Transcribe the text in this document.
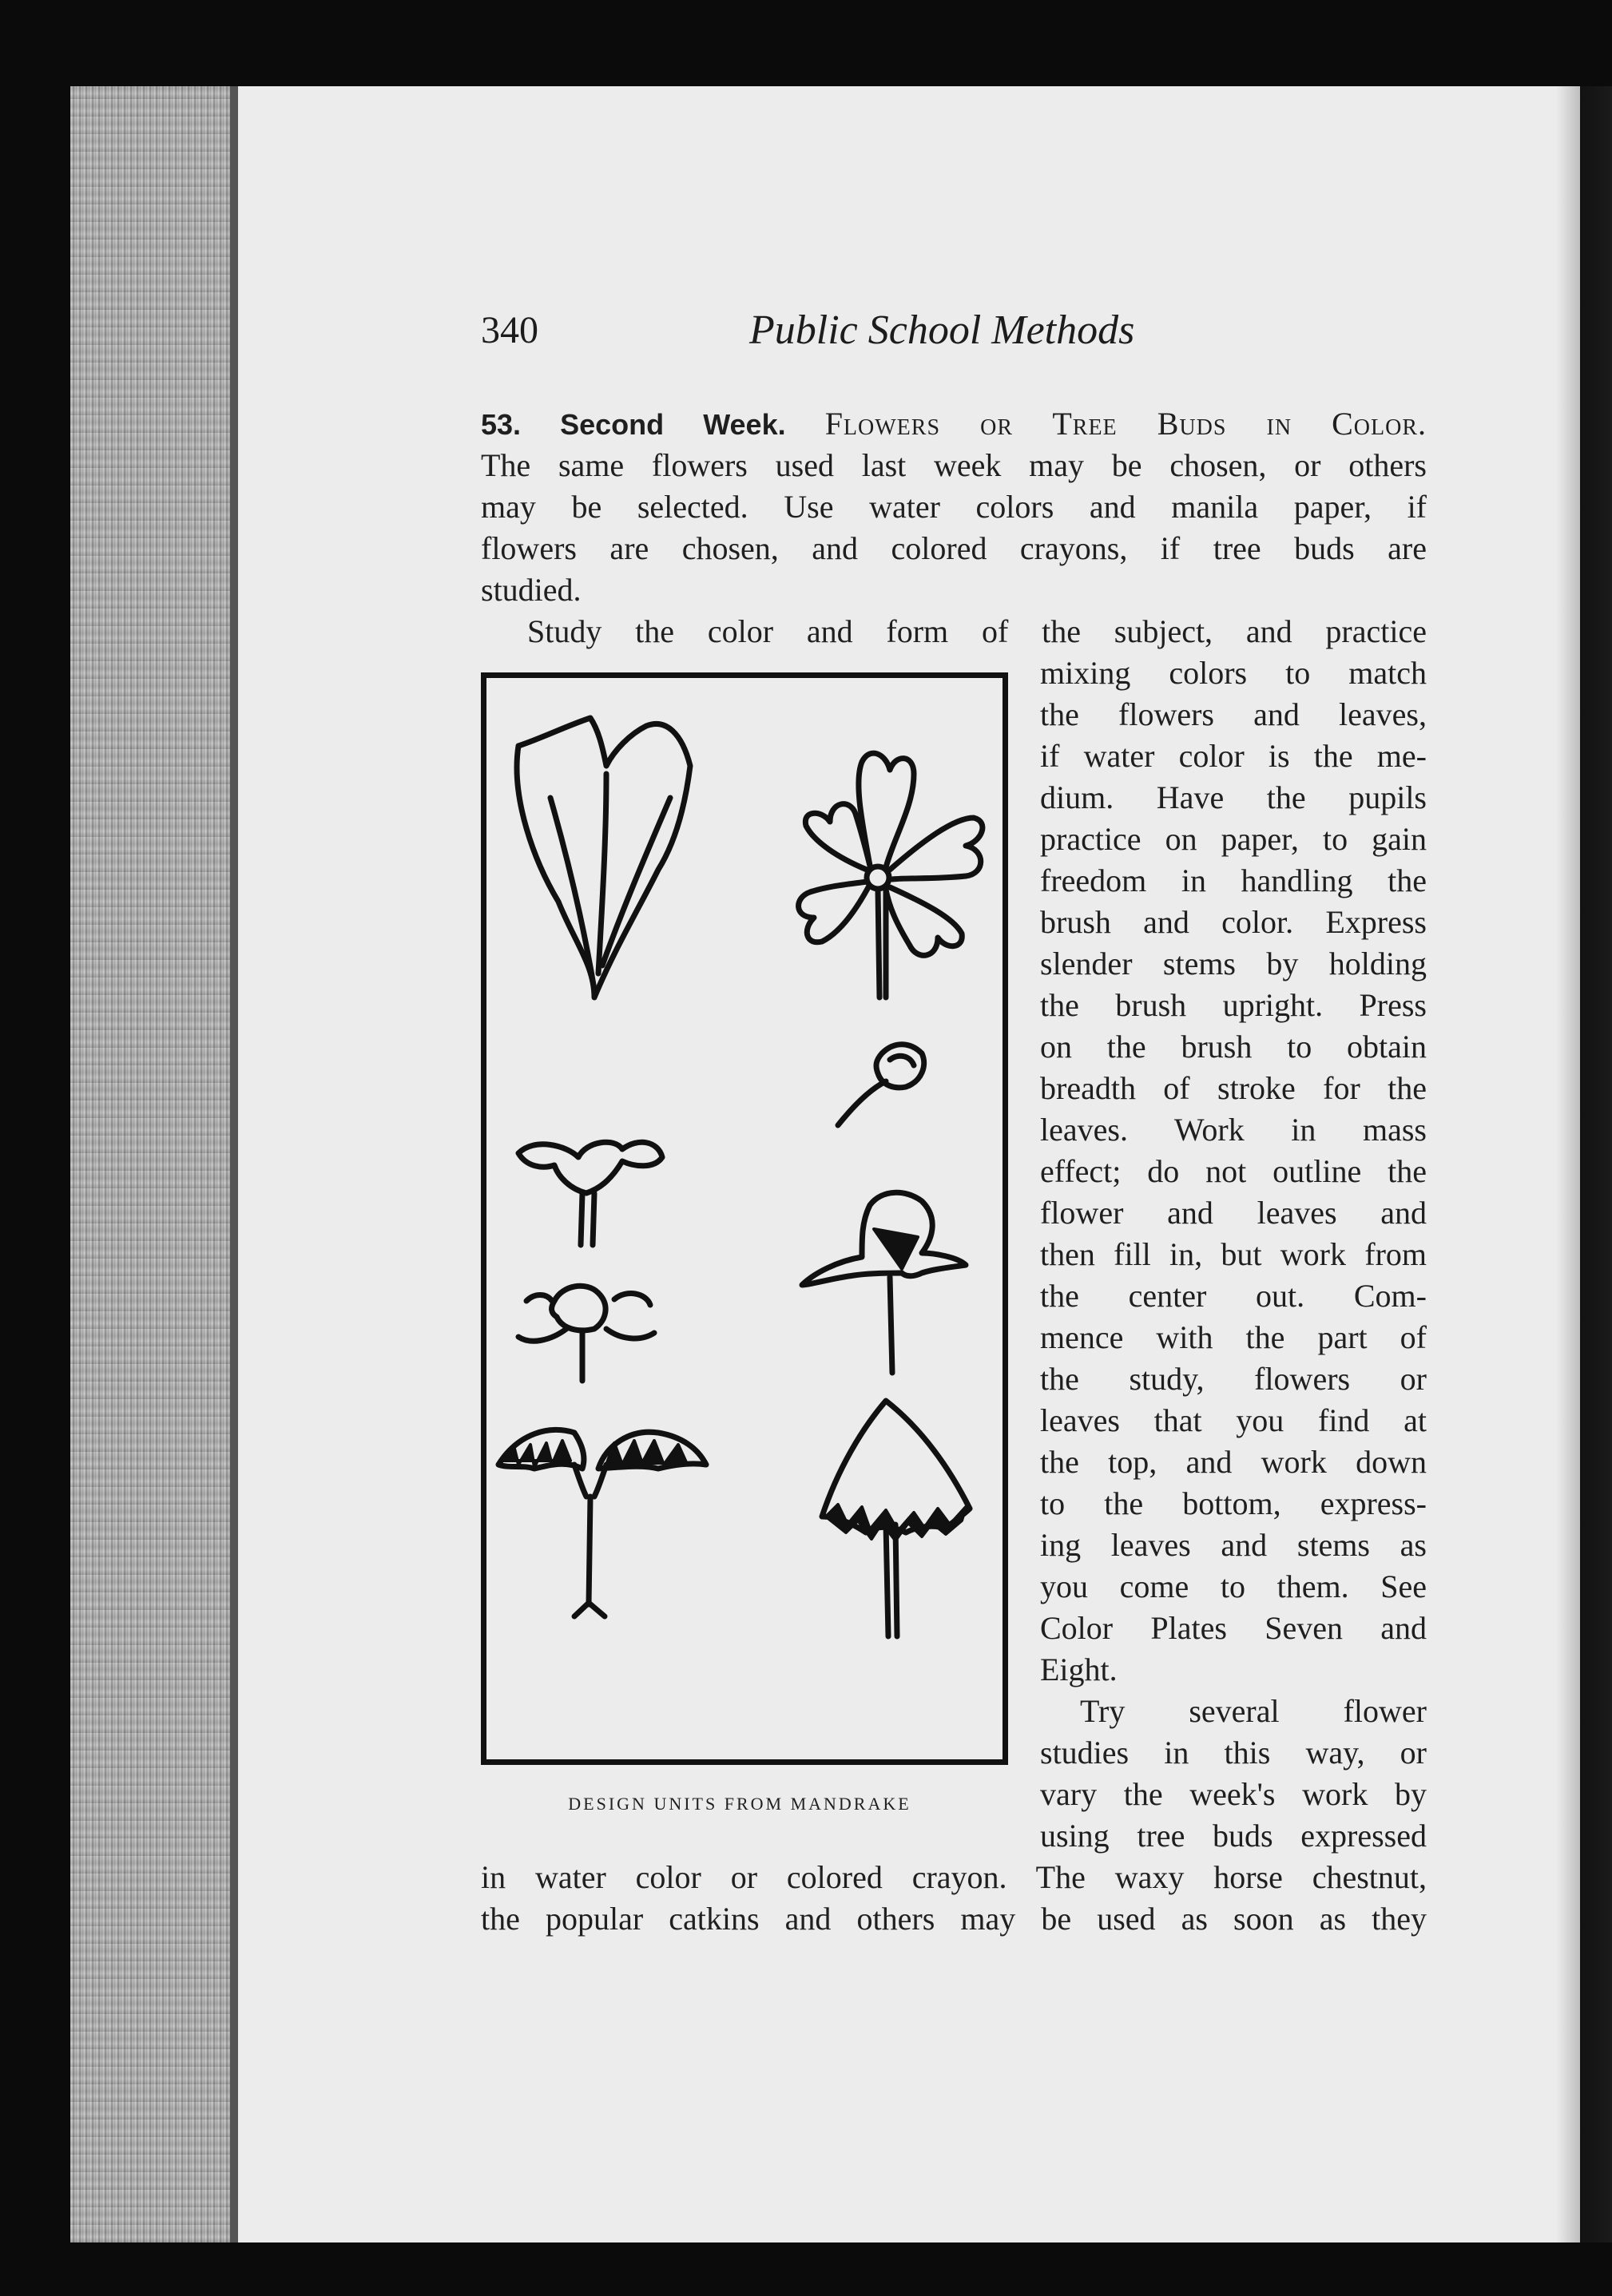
340	Public School Methods
53. Second Week. Flowers or Tree Buds in Color.
The same flowers used last week may be chosen, or others
may be selected. Use water colors and manila paper, if
flowers are chosen, and colored crayons, if tree buds are
studied.
Study the color and form of the subject, and practice
DESIGN UNITS FROM MANDRAKE
mixing colors to match
the flowers and leaves,
if water color is the me-
dium. Have the pupils
practice on paper, to gain
freedom in handling the
brush and color. Express
slender stems by holding
the brush upright. Press
on the brush to obtain
breadth of stroke for the
leaves. Work in mass
effect; do not outline the
flower and leaves and
then fill in, but work from
the center out. Com-
mence with the part of
the study, flowers or
leaves that you find at
the top, and work down
to the bottom, express-
ing leaves and stems as
you come to them. See
Color Plates Seven and
Eight.
Try several flower
studies in this way, or
vary the week's work by
using tree buds expressed
in water color or colored crayon. The waxy horse chestnut,
the popular catkins and others may be used as soon as they
